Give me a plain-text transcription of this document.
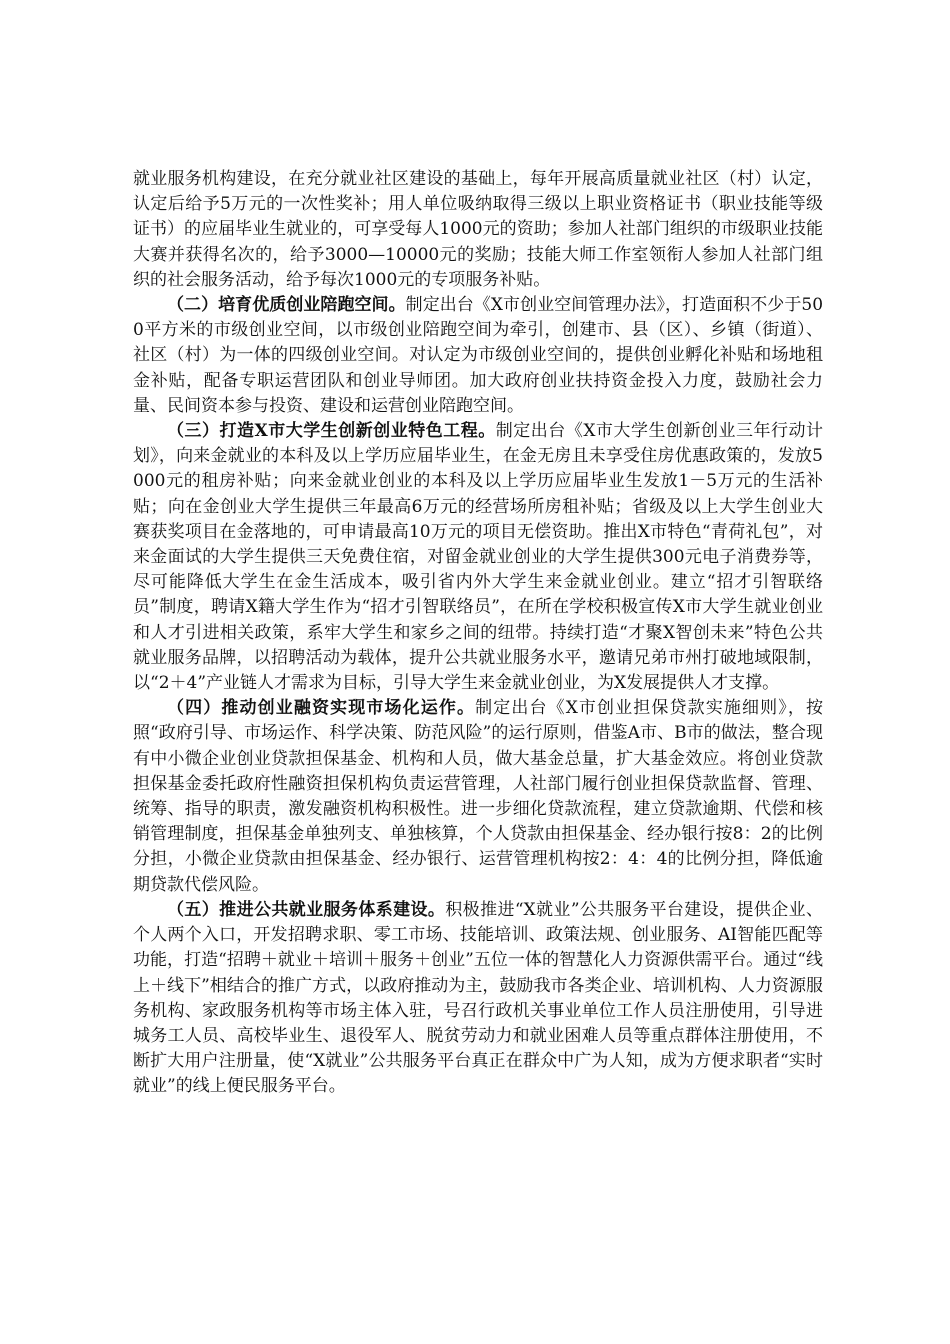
就业服务机构建设，在充分就业社区建设的基础上，每年开展高质量就业社区（村）认定，认定后给予5万元的一次性奖补；用人单位吸纳取得三级以上职业资格证书（职业技能等级证书）的应届毕业生就业的，可享受每人1000元的资助；参加人社部门组织的市级职业技能大赛并获得名次的，给予3000—10000元的奖励；技能大师工作室领衔人参加人社部门组织的社会服务活动，给予每次1000元的专项服务补贴。

（二）培育优质创业陪跑空间。制定出台《X市创业空间管理办法》，打造面积不少于500平方米的市级创业空间，以市级创业陪跑空间为牵引，创建市、县（区）、乡镇（街道）、社区（村）为一体的四级创业空间。对认定为市级创业空间的，提供创业孵化补贴和场地租金补贴，配备专职运营团队和创业导师团。加大政府创业扶持资金投入力度，鼓励社会力量、民间资本参与投资、建设和运营创业陪跑空间。

（三）打造X市大学生创新创业特色工程。制定出台《X市大学生创新创业三年行动计划》，向来金就业的本科及以上学历应届毕业生，在金无房且未享受住房优惠政策的，发放5000元的租房补贴；向来金就业创业的本科及以上学历应届毕业生发放1－5万元的生活补贴；向在金创业大学生提供三年最高6万元的经营场所房租补贴；省级及以上大学生创业大赛获奖项目在金落地的，可申请最高10万元的项目无偿资助。推出X市特色“青荷礼包”，对来金面试的大学生提供三天免费住宿，对留金就业创业的大学生提供300元电子消费券等，尽可能降低大学生在金生活成本，吸引省内外大学生来金就业创业。建立“招才引智联络员”制度，聘请X籍大学生作为“招才引智联络员”，在所在学校积极宣传X市大学生就业创业和人才引进相关政策，系牢大学生和家乡之间的纽带。持续打造“才聚X智创未来”特色公共就业服务品牌，以招聘活动为载体，提升公共就业服务水平，邀请兄弟市州打破地域限制，以“2＋4”产业链人才需求为目标，引导大学生来金就业创业，为X发展提供人才支撑。

（四）推动创业融资实现市场化运作。制定出台《X市创业担保贷款实施细则》，按照“政府引导、市场运作、科学决策、防范风险”的运行原则，借鉴A市、B市的做法，整合现有中小微企业创业贷款担保基金、机构和人员，做大基金总量，扩大基金效应。将创业贷款担保基金委托政府性融资担保机构负责运营管理，人社部门履行创业担保贷款监督、管理、统筹、指导的职责，激发融资机构积极性。进一步细化贷款流程，建立贷款逾期、代偿和核销管理制度，担保基金单独列支、单独核算，个人贷款由担保基金、经办银行按8：2的比例分担，小微企业贷款由担保基金、经办银行、运营管理机构按2：4：4的比例分担，降低逾期贷款代偿风险。

（五）推进公共就业服务体系建设。积极推进“X就业”公共服务平台建设，提供企业、个人两个入口，开发招聘求职、零工市场、技能培训、政策法规、创业服务、AI智能匹配等功能，打造“招聘＋就业＋培训＋服务＋创业”五位一体的智慧化人力资源供需平台。通过“线上＋线下”相结合的推广方式，以政府推动为主，鼓励我市各类企业、培训机构、人力资源服务机构、家政服务机构等市场主体入驻，号召行政机关事业单位工作人员注册使用，引导进城务工人员、高校毕业生、退役军人、脱贫劳动力和就业困难人员等重点群体注册使用，不断扩大用户注册量，使“X就业”公共服务平台真正在群众中广为人知，成为方便求职者“实时就业”的线上便民服务平台。
